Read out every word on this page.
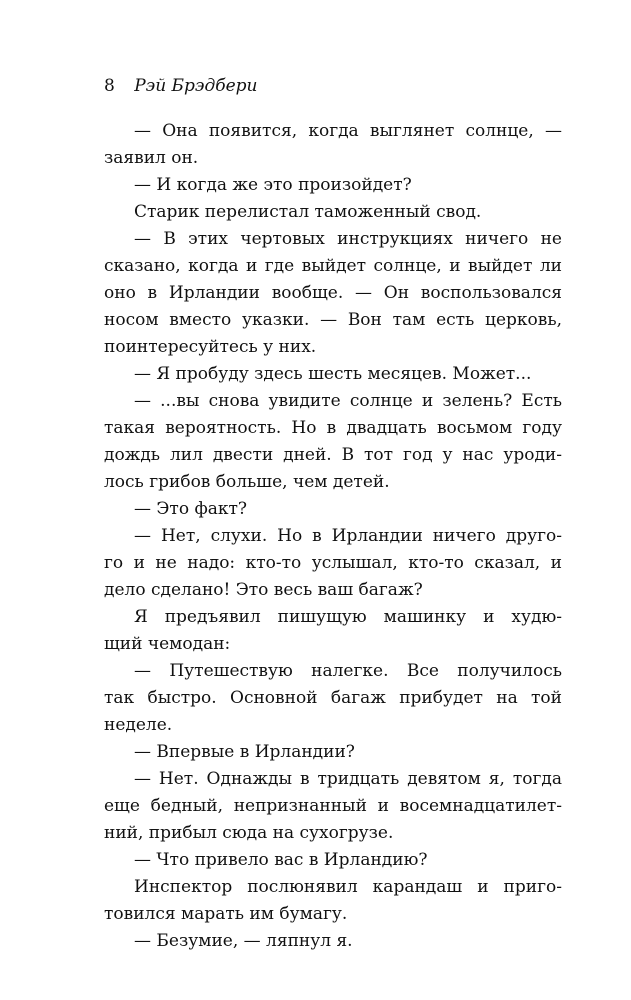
8 Рэй Брэдбери
— Она появится, когда выглянет солнце, —
заявил он.
— И когда же это произойдет?
Старик перелистал таможенный свод.
— В этих чертовых инструкциях ничего не
сказано, когда и где выйдет солнце, и выйдет ли
оно в Ирландии вообще. — Он воспользовался
носом вместо указки. — Вон там есть церковь,
поинтересуйтесь у них.
— Я пробуду здесь шесть месяцев. Может...
— ...вы снова увидите солнце и зелень? Есть
такая вероятность. Но в двадцать восьмом году
дождь лил двести дней. В тот год у нас уроди-
лось грибов больше, чем детей.
— Это факт?
— Нет, слухи. Но в Ирландии ничего друго-
го и не надо: кто-то услышал, кто-то сказал, и
дело сделано! Это весь ваш багаж?
Я предъявил пишущую машинку и худю-
щий чемодан:
— Путешествую налегке. Все получилось
так быстро. Основной багаж прибудет на той
неделе.
— Впервые в Ирландии?
— Нет. Однажды в тридцать девятом я, тогда
еще бедный, непризнанный и восемнадцатилет-
ний, прибыл сюда на сухогрузе.
— Что привело вас в Ирландию?
Инспектор послюнявил карандаш и приго-
товился марать им бумагу.
— Безумие, — ляпнул я.
